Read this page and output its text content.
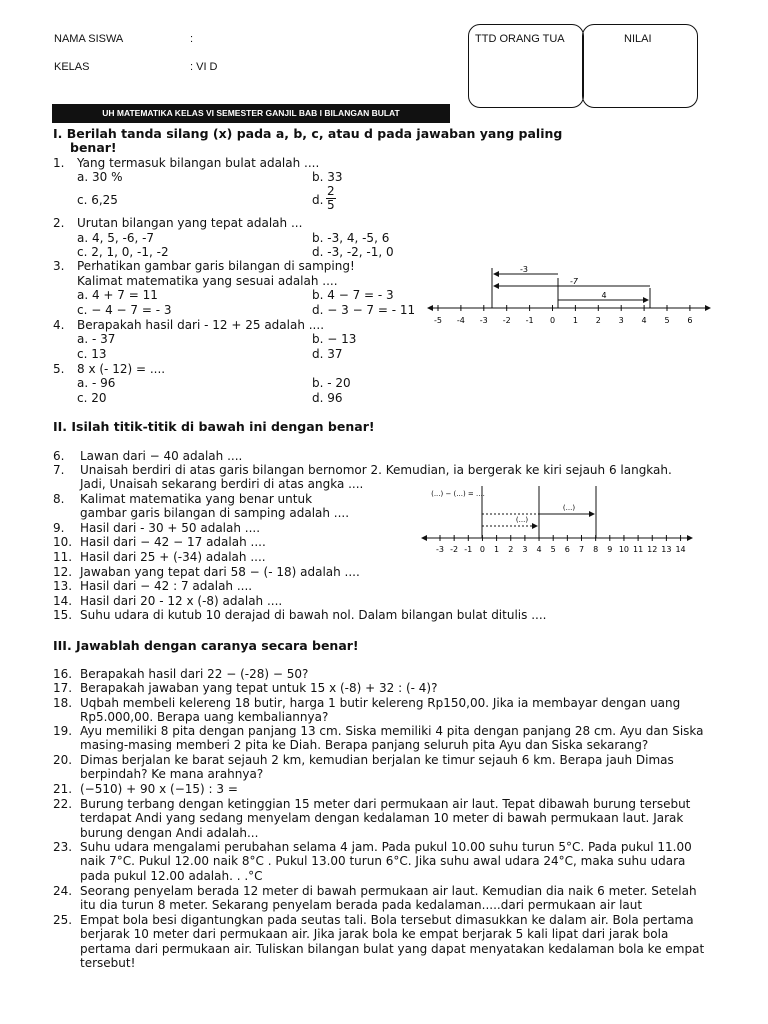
NAMA SISWA	:
KELAS	: VI D
TTD ORANG TUA	NILAI
UH MATEMATIKA KELAS VI SEMESTER GANJIL BAB I BILANGAN BULAT
I. Berilah tanda silang (x) pada a, b, c, atau d pada jawaban yang paling
benar!
1. Yang termasuk bilangan bulat adalah ....
a. 30 %	b. 33
c. 6,25	d. $\frac{2}{5}$
2. Urutan bilangan yang tepat adalah ...
a. 4, 5, -6, -7	b. -3, 4, -5, 6
c. 2, 1, 0, -1, -2	d. -3, -2, -1, 0
3. Perhatikan gambar garis bilangan di samping!
Kalimat matematika yang sesuai adalah ....
a. 4 + 7 = 11	b. 4 − 7 = - 3
c. − 4 − 7 = - 3	d. − 3 − 7 = - 11
4. Berapakah hasil dari - 12 + 25 adalah ....
a. - 37	b. − 13
c. 13	d. 37
5. 8 x (- 12) = ....
a. - 96	b. - 20
c. 20	d. 96
-5 -4 -3 -2 -1 0 1 2 3 4 5 6
-3
-7
4
II. Isilah titik-titik di bawah ini dengan benar!
6. Lawan dari − 40 adalah ....
7. Unaisah berdiri di atas garis bilangan bernomor 2. Kemudian, ia bergerak ke kiri sejauh 6 langkah.
Jadi, Unaisah sekarang berdiri di atas angka ....
8. Kalimat matematika yang benar untuk
gambar garis bilangan di samping adalah ....
9. Hasil dari - 30 + 50 adalah ....
10. Hasil dari − 42 − 17 adalah ....
11. Hasil dari 25 + (-34) adalah ....
12. Jawaban yang tepat dari 58 − (- 18) adalah ....
13. Hasil dari − 42 : 7 adalah ....
14. Hasil dari 20 - 12 x (-8) adalah ....
15. Suhu udara di kutub 10 derajad di bawah nol. Dalam bilangan bulat ditulis ....
-3 -2 -1 0 1 2 3 4 5 6 7 8 9 10 11 12 13 14
(...) − (...) = ....
(...)
(...)
III. Jawablah dengan caranya secara benar!
16. Berapakah hasil dari 22 − (-28) − 50?
17. Berapakah jawaban yang tepat untuk 15 x (-8) + 32 : (- 4)?
18. Uqbah membeli kelereng 18 butir, harga 1 butir kelereng Rp150,00. Jika ia membayar dengan uang
Rp5.000,00. Berapa uang kembaliannya?
19. Ayu memiliki 8 pita dengan panjang 13 cm. Siska memiliki 4 pita dengan panjang 28 cm. Ayu dan Siska
masing-masing memberi 2 pita ke Diah. Berapa panjang seluruh pita Ayu dan Siska sekarang?
20. Dimas berjalan ke barat sejauh 2 km, kemudian berjalan ke timur sejauh 6 km. Berapa jauh Dimas
berpindah? Ke mana arahnya?
21. (−510) + 90 x (−15) : 3 =
22. Burung terbang dengan ketinggian 15 meter dari permukaan air laut. Tepat dibawah burung tersebut
terdapat Andi yang sedang menyelam dengan kedalaman 10 meter di bawah permukaan laut. Jarak
burung dengan Andi adalah...
23. Suhu udara mengalami perubahan selama 4 jam. Pada pukul 10.00 suhu turun 5°C. Pada pukul 11.00
naik 7°C. Pukul 12.00 naik 8°C . Pukul 13.00 turun 6°C. Jika suhu awal udara 24°C, maka suhu udara
pada pukul 12.00 adalah. . .°C
24. Seorang penyelam berada 12 meter di bawah permukaan air laut. Kemudian dia naik 6 meter. Setelah
itu dia turun 8 meter. Sekarang penyelam berada pada kedalaman.....dari permukaan air laut
25. Empat bola besi digantungkan pada seutas tali. Bola tersebut dimasukkan ke dalam air. Bola pertama
berjarak 10 meter dari permukaan air. Jika jarak bola ke empat berjarak 5 kali lipat dari jarak bola
pertama dari permukaan air. Tuliskan bilangan bulat yang dapat menyatakan kedalaman bola ke empat
tersebut!
